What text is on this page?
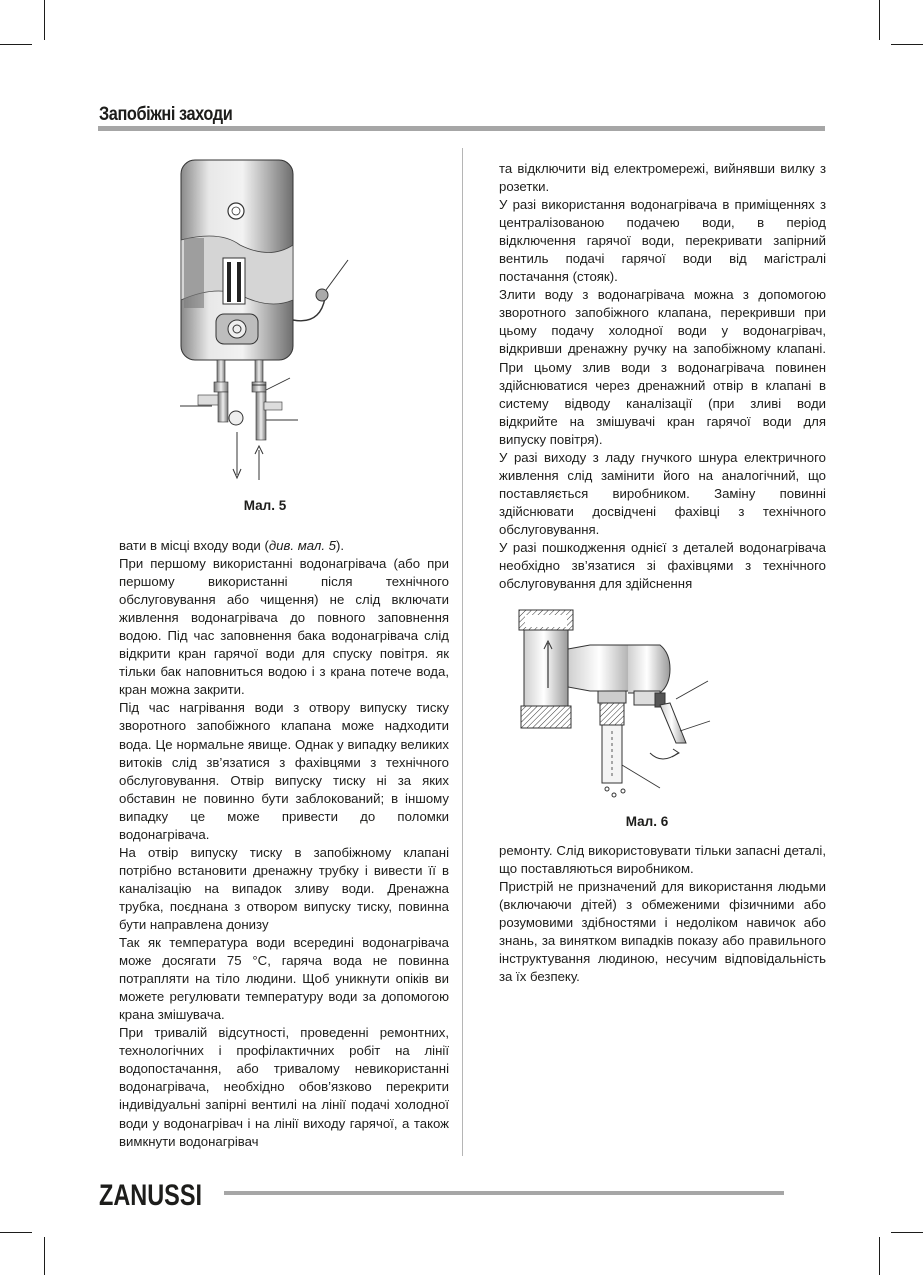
Запобіжні заходи
Мал. 5
Мал. 6

вати в місці входу води (див. мал. 5).

При першому використанні водонагрівача (або при першому використанні після технічного обслуговування або чищення) не слід включати живлення водонагрівача до повного заповнення водою. Під час заповнення бака водонагрівача слід відкрити кран гарячої води для спуску повітря. як тільки бак наповниться водою і з крана потече вода, кран можна закрити.

Під час нагрівання води з отвору випуску тиску зворотного запобіжного клапана може надходити вода. Це нормальне явище. Однак у випадку великих витоків слід зв’язатися з фахівцями з технічного обслуговування. Отвір випуску тиску ні за яких обставин не повинно бути заблокований; в іншому випадку це може привести до поломки водонагрівача.

На отвір випуску тиску в запобіжному клапані потрібно встановити дренажну трубку і вивести її в каналізацію на випадок зливу води. Дренажна трубка, поєднана з отвором випуску тиску, повинна бути направлена донизу

Так як температура води всередині водонагрівача може досягати 75 °C, гаряча вода не повинна потрапляти на тіло людини. Щоб уникнути опіків ви можете регулювати температуру води за допомогою крана змішувача.

При тривалій відсутності, проведенні ремонтних, технологічних і профілактичних робіт на лінії водопостачання, або тривалому невикористанні водонагрівача, необхідно обов’язково перекрити індивідуальні запірні вентилі на лінії подачі холодної води у водонагрівач і на лінії виходу гарячої, а також вимкнути водонагрівач

та відключити від електромережі, вийнявши вилку з розетки.

У разі використання водонагрівача в приміщеннях з централізованою подачею води, в період відключення гарячої води, перекривати запірний вентиль подачі гарячої води від магістралі постачання (стояк).

Злити воду з водонагрівача можна з допомогою зворотного запобіжного клапана, перекривши при цьому подачу холодної води у водонагрівач, відкривши дренажну ручку на запобіжному клапані. При цьому злив води з водонагрівача повинен здійснюватися через дренажний отвір в клапані в систему відводу каналізації (при зливі води відкрийте на змішувачі кран гарячої води для випуску повітря).

У разі виходу з ладу гнучкого шнура електричного живлення слід замінити його на аналогічний, що поставляється виробником. Заміну повинні здійснювати досвідчені фахівці з технічного обслуговування.

У разі пошкодження однієї з деталей водонагрівача необхідно зв’язатися зі фахівцями з технічного обслуговування для здійснення

ремонту. Слід використовувати тільки запасні деталі, що поставляються виробником.

Пристрій не призначений для використання людьми (включаючи дітей) з обмеженими фізичними або розумовими здібностями і недоліком навичок або знань, за винятком випадків показу або правильного інструктування людиною, несучим відповідальність за їх безпеку.

ZANUSSI
